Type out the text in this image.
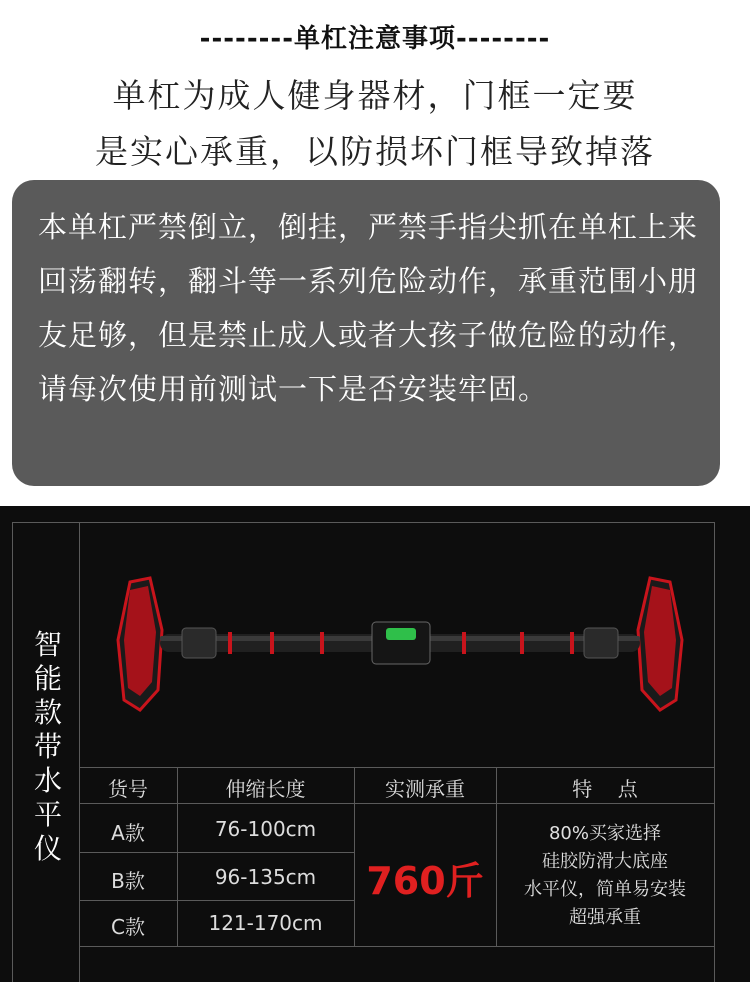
--------单杠注意事项--------
单杠为成人健身器材，门框一定要
是实心承重，以防损坏门框导致掉落
本单杠严禁倒立，倒挂，严禁手指尖抓在单杠上来回荡翻转，翻斗等一系列危险动作，承重范围小朋友足够，但是禁止成人或者大孩子做危险的动作，请每次使用前测试一下是否安装牢固。
智能款带水平仪
货号	伸缩长度	实测承重	特    点
A款	76-100cm
B款	96-135cm
C款	121-170cm
760斤
80%买家选择
硅胶防滑大底座
水平仪，简单易安装
超强承重
